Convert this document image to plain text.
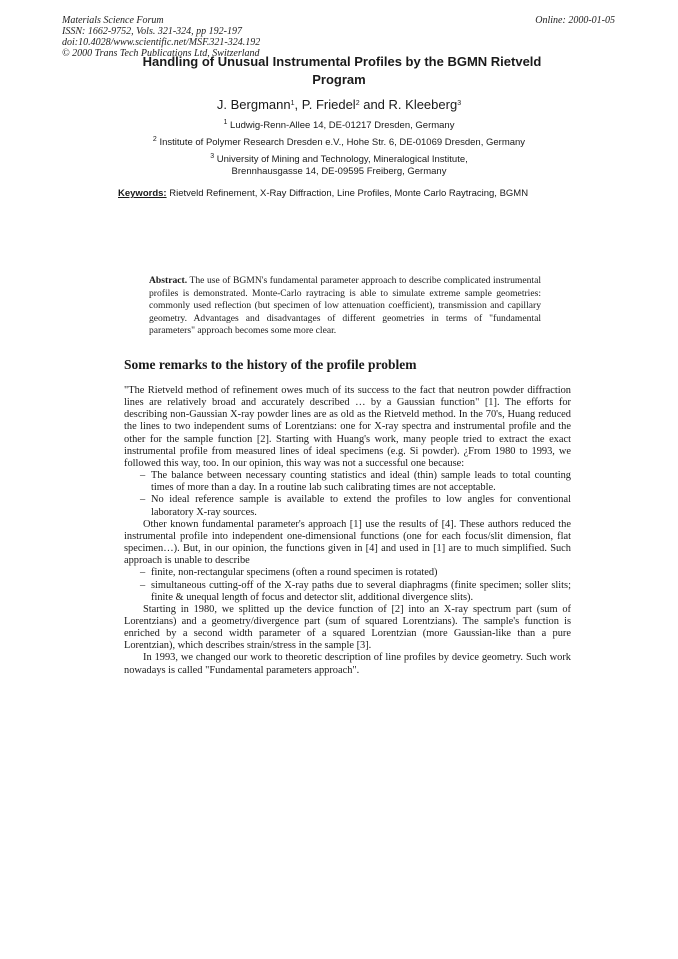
Materials Science Forum
ISSN: 1662-9752, Vols. 321-324, pp 192-197
doi:10.4028/www.scientific.net/MSF.321-324.192
© 2000 Trans Tech Publications Ltd, Switzerland
Online: 2000-01-05
Handling of Unusual Instrumental Profiles by the BGMN Rietveld
Program
J. Bergmann$^1$, P. Friedel$^2$ and R. Kleeberg$^3$
$^1$ Ludwig-Renn-Allee 14, DE-01217 Dresden, Germany
$^2$ Institute of Polymer Research Dresden e.V., Hohe Str. 6, DE-01069 Dresden, Germany
$^3$ University of Mining and Technology, Mineralogical Institute,
Brennhausgasse 14, DE-09595 Freiberg, Germany
Keywords: Rietveld Refinement, X-Ray Diffraction, Line Profiles, Monte Carlo Raytracing, BGMN
Abstract. The use of BGMN's fundamental parameter approach to describe complicated instrumental profiles is demonstrated. Monte-Carlo raytracing is able to simulate extreme sample geometries: commonly used reflection (but specimen of low attenuation coefficient), transmission and capillary geometry. Advantages and disadvantages of different geometries in terms of "fundamental parameters" approach becomes some more clear.
Some remarks to the history of the profile problem

"The Rietveld method of refinement owes much of its success to the fact that neutron powder diffraction lines are relatively broad and accurately described … by a Gaussian function" [1]. The efforts for describing non-Gaussian X-ray powder lines are as old as the Rietveld method. In the 70's, Huang reduced the lines to two independent sums of Lorentzians: one for X-ray spectra and instrumental profile and the other for the sample function [2]. Starting with Huang's work, many people tried to extract the exact instrumental profile from measured lines of ideal specimens (e.g. Si powder). ¿From 1980 to 1993, we followed this way, too. In our opinion, this way was not a successful one because:

– The balance between necessary counting statistics and ideal (thin) sample leads to total counting times of more than a day. In a routine lab such calibrating times are not acceptable.
– No ideal reference sample is available to extend the profiles to low angles for conventional laboratory X-ray sources.

Other known fundamental parameter's approach [1] use the results of [4]. These authors reduced the instrumental profile into independent one-dimensional functions (one for each focus/slit dimension, flat specimen…). But, in our opinion, the functions given in [4] and used in [1] are to much simplified. Such approach is unable to describe

– finite, non-rectangular specimens (often a round specimen is rotated)
– simultaneous cutting-off of the X-ray paths due to several diaphragms (finite specimen; soller slits; finite & unequal length of focus and detector slit, additional divergence slits).

Starting in 1980, we splitted up the device function of [2] into an X-ray spectrum part (sum of Lorentzians) and a geometry/divergence part (sum of squared Lorentzians). The sample's function is enriched by a second width parameter of a squared Lorentzian (more Gaussian-like than a pure Lorentzian), which describes strain/stress in the sample [3].

In 1993, we changed our work to theoretic description of line profiles by device geometry. Such work nowadays is called "Fundamental parameters approach".
